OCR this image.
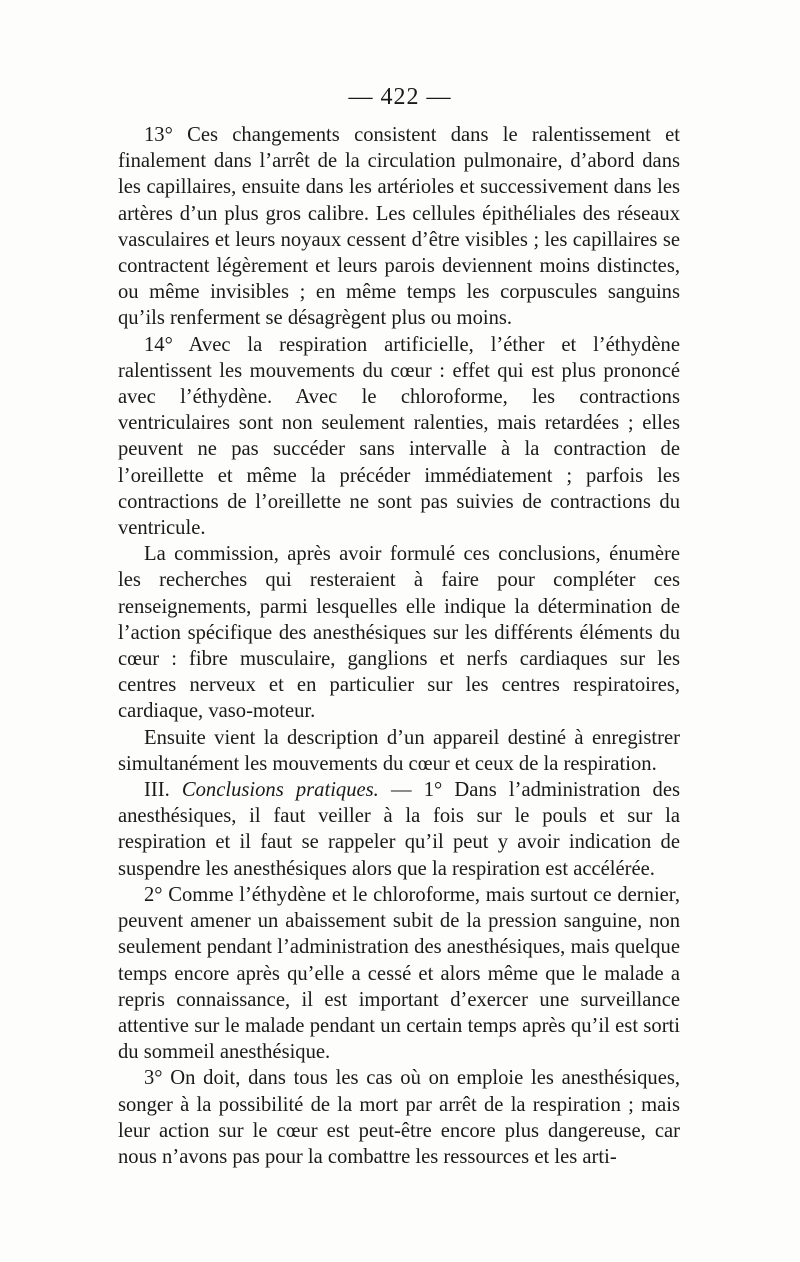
— 422 —

13° Ces changements consistent dans le ralentissement et finalement dans l’arrêt de la circulation pulmonaire, d’abord dans les capillaires, ensuite dans les artérioles et successivement dans les artères d’un plus gros calibre. Les cellules épithéliales des réseaux vasculaires et leurs noyaux cessent d’être visibles ; les capillaires se contractent légèrement et leurs parois deviennent moins distinctes, ou même invisibles ; en même temps les corpuscules sanguins qu’ils renferment se désagrègent plus ou moins.

14° Avec la respiration artificielle, l’éther et l’éthydène ralentissent les mouvements du cœur : effet qui est plus prononcé avec l’éthydène. Avec le chloroforme, les contractions ventriculaires sont non seulement ralenties, mais retardées ; elles peuvent ne pas succéder sans intervalle à la contraction de l’oreillette et même la précéder immédiatement ; parfois les contractions de l’oreillette ne sont pas suivies de contractions du ventricule.

La commission, après avoir formulé ces conclusions, énumère les recherches qui resteraient à faire pour compléter ces renseignements, parmi lesquelles elle indique la détermination de l’action spécifique des anesthésiques sur les différents éléments du cœur : fibre musculaire, ganglions et nerfs cardiaques sur les centres nerveux et en particulier sur les centres respiratoires, cardiaque, vaso-moteur.

Ensuite vient la description d’un appareil destiné à enregistrer simultanément les mouvements du cœur et ceux de la respiration.

III. Conclusions pratiques. — 1° Dans l’administration des anesthésiques, il faut veiller à la fois sur le pouls et sur la respiration et il faut se rappeler qu’il peut y avoir indication de suspendre les anesthésiques alors que la respiration est accélérée.

2° Comme l’éthydène et le chloroforme, mais surtout ce dernier, peuvent amener un abaissement subit de la pression sanguine, non seulement pendant l’administration des anesthésiques, mais quelque temps encore après qu’elle a cessé et alors même que le malade a repris connaissance, il est important d’exercer une surveillance attentive sur le malade pendant un certain temps après qu’il est sorti du sommeil anesthésique.

3° On doit, dans tous les cas où on emploie les anesthésiques, songer à la possibilité de la mort par arrêt de la respiration ; mais leur action sur le cœur est peut-être encore plus dangereuse, car nous n’avons pas pour la combattre les ressources et les arti-
